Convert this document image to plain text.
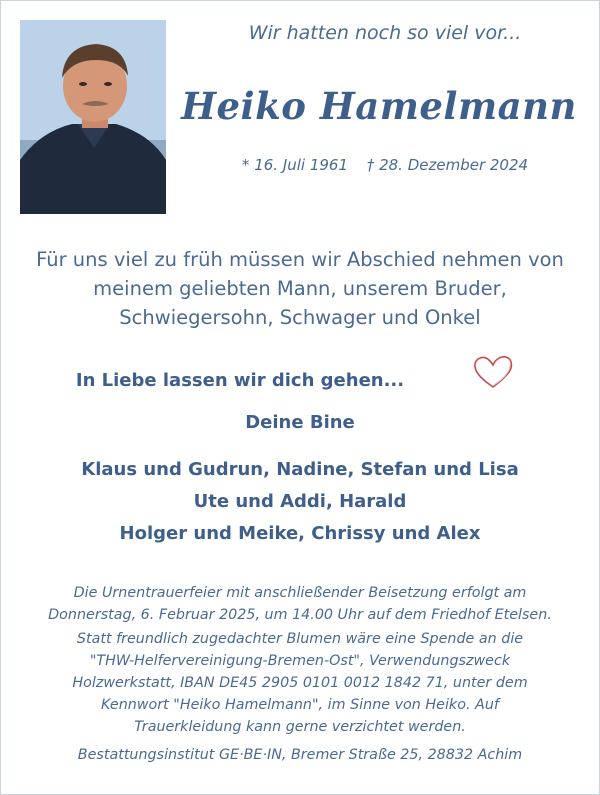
Wir hatten noch so viel vor...
Heiko Hamelmann
* 16. Juli 1961 † 28. Dezember 2024
Für uns viel zu früh müssen wir Abschied nehmen von
meinem geliebten Mann, unserem Bruder,
Schwiegersohn, Schwager und Onkel
In Liebe lassen wir dich gehen...
Deine Bine
Klaus und Gudrun, Nadine, Stefan und Lisa
Ute und Addi, Harald
Holger und Meike, Chrissy und Alex

Die Urnentrauerfeier mit anschließender Beisetzung erfolgt am
Donnerstag, 6. Februar 2025, um 14.00 Uhr auf dem Friedhof Etelsen.

Statt freundlich zugedachter Blumen wäre eine Spende an die
"THW-Helfervereinigung-Bremen-Ost", Verwendungszweck
Holzwerkstatt, IBAN DE45 2905 0101 0012 1842 71, unter dem
Kennwort "Heiko Hamelmann", im Sinne von Heiko. Auf
Trauerkleidung kann gerne verzichtet werden.

Bestattungsinstitut GE·BE·IN, Bremer Straße 25, 28832 Achim
